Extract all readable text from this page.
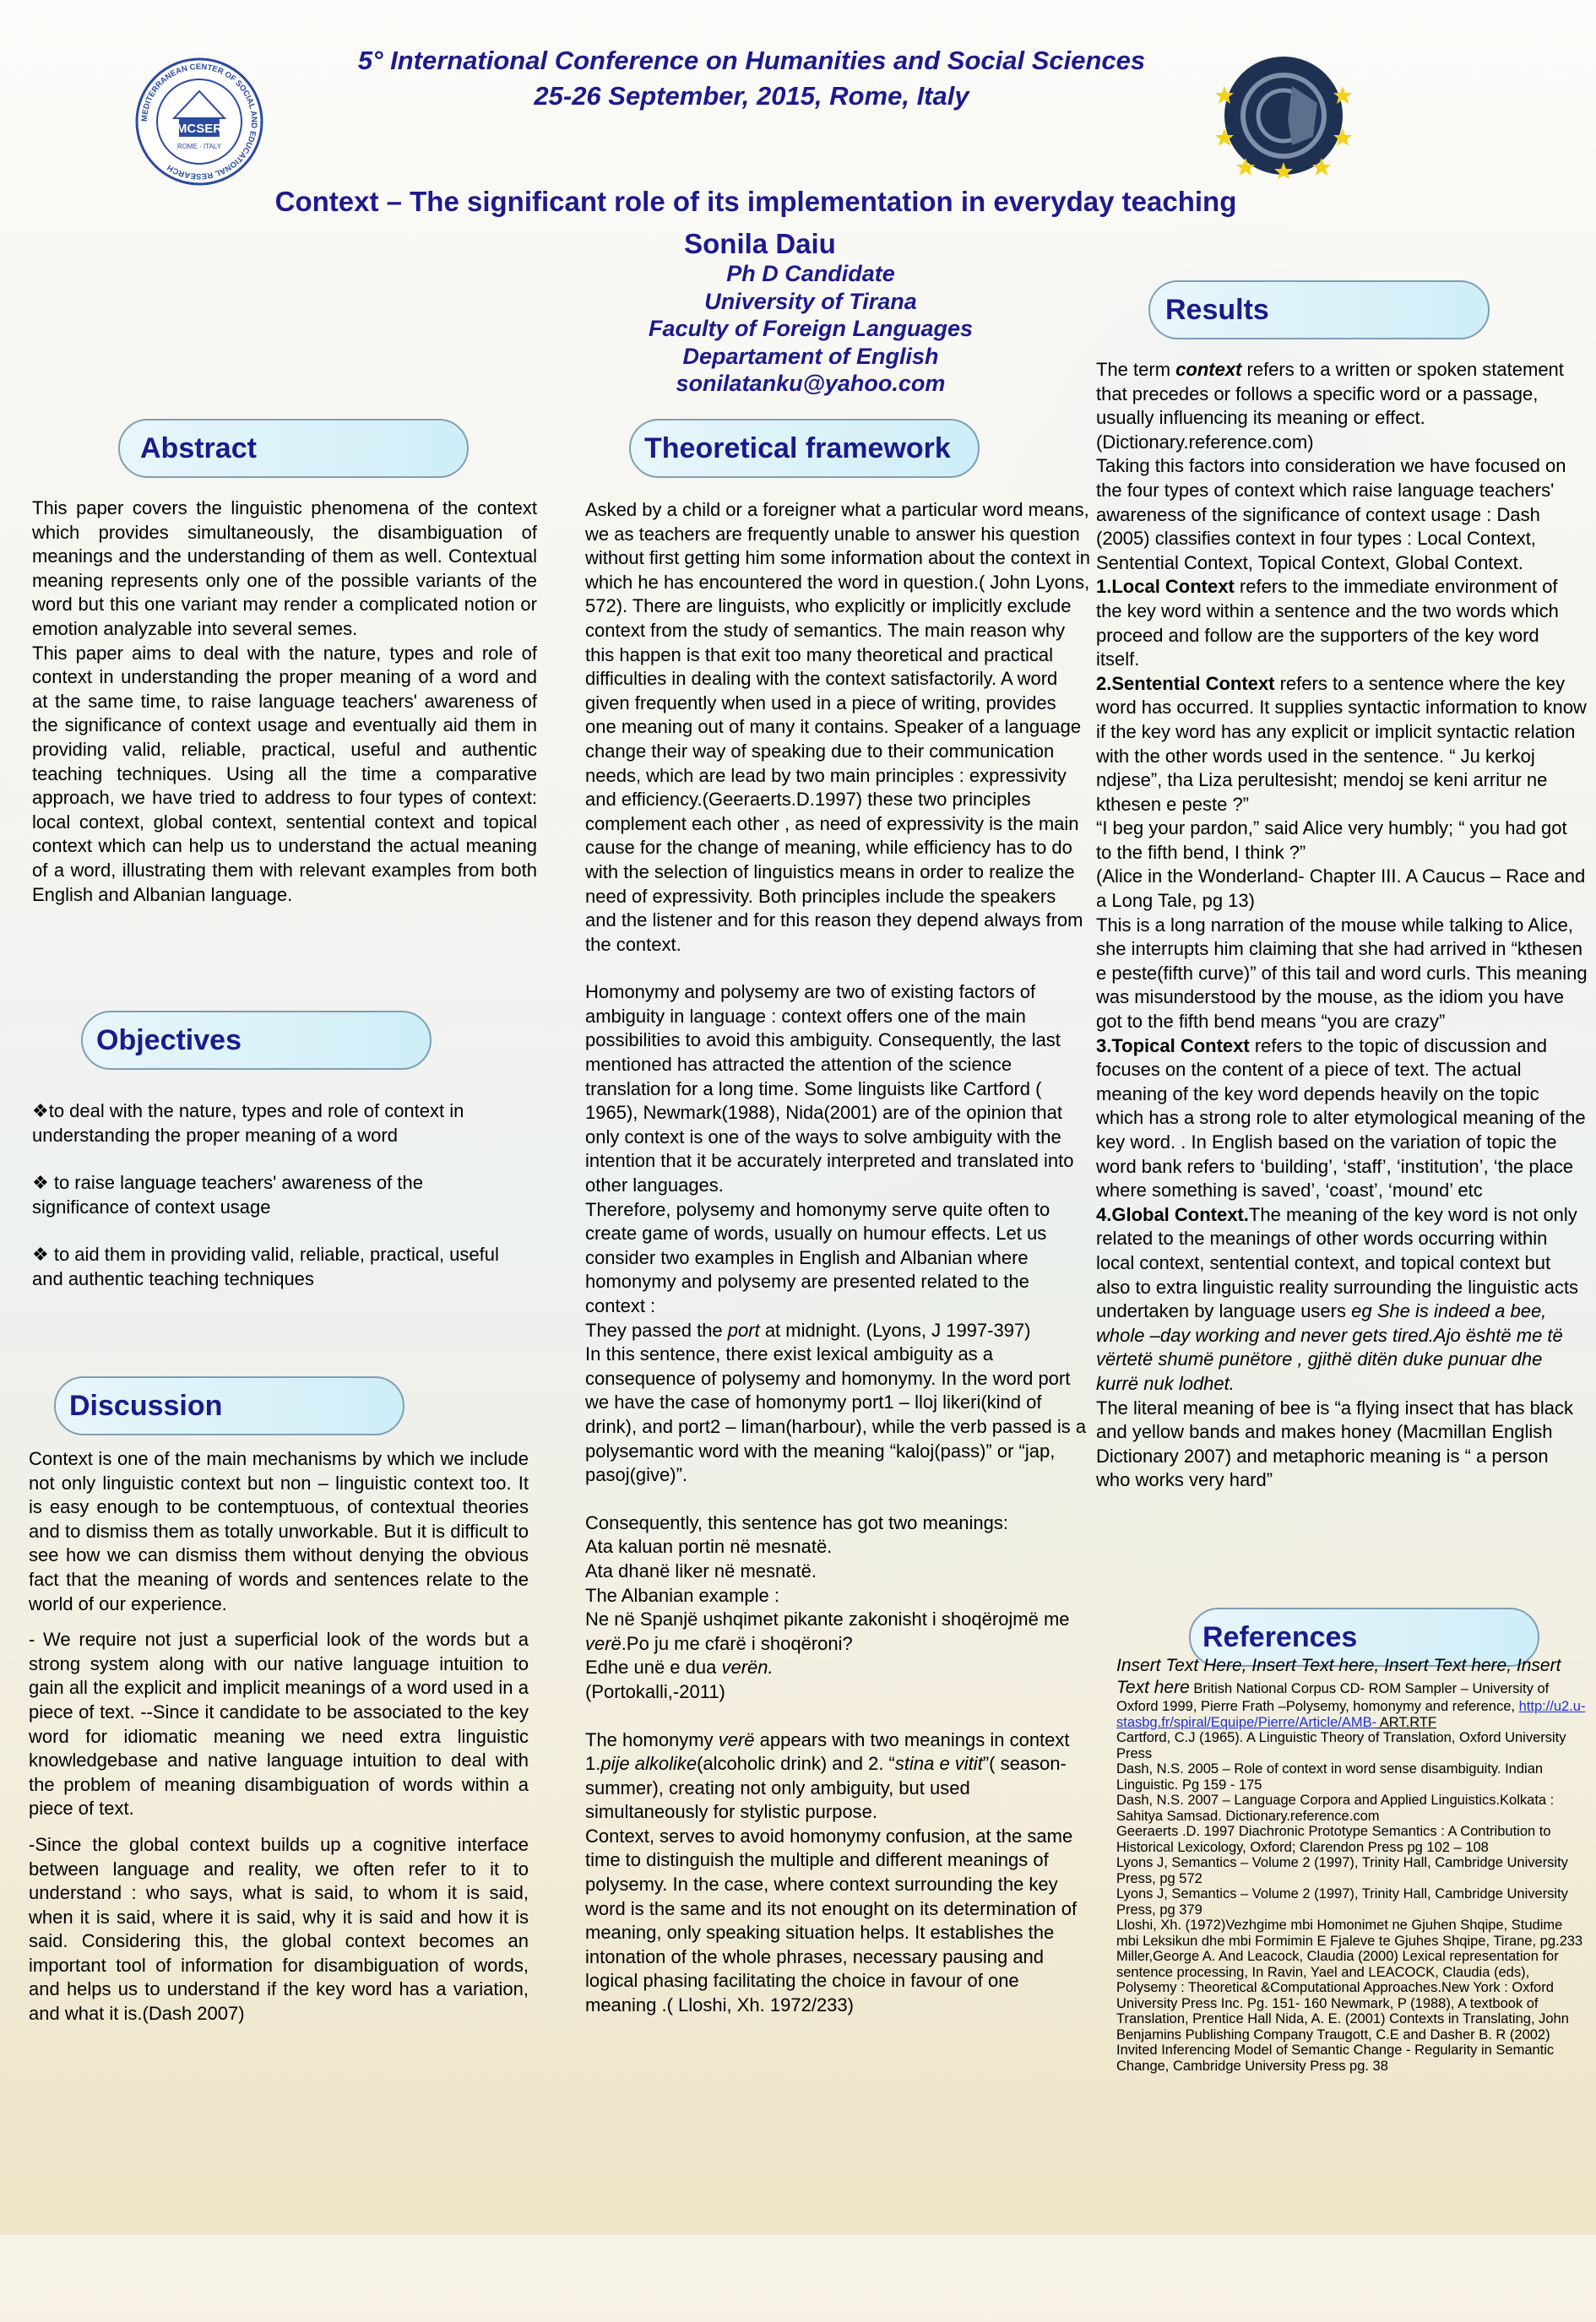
MCSER
ROME · ITALY
MEDITERRANEAN CENTER OF SOCIAL AND EDUCATIONAL RESEARCH
5° International Conference on Humanities and Social Sciences
25-26 September, 2015, Rome, Italy
Context – The significant role of its implementation in everyday teaching
Sonila Daiu
Ph D Candidate
University of Tirana
Faculty of Foreign Languages
Departament of English
sonilatanku@yahoo.com
Abstract	Theoretical framework
Results
Objectives
Discussion
References

This paper covers the linguistic phenomena of the context which provides simultaneously, the disambiguation of meanings and the understanding of them as well. Contextual meaning represents only one of the possible variants of the word but this one variant may render a complicated notion or emotion analyzable into several semes.

This paper aims to deal with the nature, types and role of context in understanding the proper meaning of a word and at the same time, to raise language teachers' awareness of the significance of context usage and eventually aid them in providing valid, reliable, practical, useful and authentic teaching techniques. Using all the time a comparative approach, we have tried to address to four types of context: local context, global context, sentential context and topical context which can help us to understand the actual meaning of a word, illustrating them with relevant examples from both English and Albanian language.

❖to deal with the nature, types and role of context in understanding the proper meaning of a word

❖ to raise language teachers' awareness of the significance of context usage

❖ to aid them in providing valid, reliable, practical, useful and authentic teaching techniques

Context is one of the main mechanisms by which we include not only linguistic context but non – linguistic context too. It is easy enough to be contemptuous, of contextual theories and to dismiss them as totally unworkable. But it is difficult to see how we can dismiss them without denying the obvious fact that the meaning of words and sentences relate to the world of our experience.

- We require not just a superficial look of the words but a strong system along with our native language intuition to gain all the explicit and implicit meanings of a word used in a piece of text. --Since it candidate to be associated to the key word for idiomatic meaning we need extra linguistic knowledgebase and native language intuition to deal with the problem of meaning disambiguation of words within a piece of text.

-Since the global context builds up a cognitive interface between language and reality, we often refer to it to understand : who says, what is said, to whom it is said, when it is said, where it is said, why it is said and how it is said. Considering this, the global context becomes an important tool of information for disambiguation of words, and helps us to understand if the key word has a variation, and what it is.(Dash 2007)

Asked by a child or a foreigner what a particular word means, we as teachers are frequently unable to answer his question without first getting him some information about the context in which he has encountered the word in question.( John Lyons, 572). There are linguists, who explicitly or implicitly exclude context from the study of semantics. The main reason why this happen is that exit too many theoretical and practical difficulties in dealing with the context satisfactorily. A word given frequently when used in a piece of writing, provides one meaning out of many it contains. Speaker of a language change their way of speaking due to their communication needs, which are lead by two main principles : expressivity and efficiency.(Geeraerts.D.1997) these two principles complement each other , as need of expressivity is the main cause for the change of meaning, while efficiency has to do with the selection of linguistics means in order to realize the need of expressivity. Both principles include the speakers and the listener and for this reason they depend always from the context.

Homonymy and polysemy are two of existing factors of ambiguity in language : context offers one of the main possibilities to avoid this ambiguity. Consequently, the last mentioned has attracted the attention of the science translation for a long time. Some linguists like Cartford ( 1965), Newmark(1988), Nida(2001) are of the opinion that only context is one of the ways to solve ambiguity with the intention that it be accurately interpreted and translated into other languages.

Therefore, polysemy and homonymy serve quite often to create game of words, usually on humour effects. Let us consider two examples in English and Albanian where homonymy and polysemy are presented related to the context :

They passed the port at midnight. (Lyons, J 1997-397)

In this sentence, there exist lexical ambiguity as a consequence of polysemy and homonymy. In the word port we have the case of homonymy port1 – lloj likeri(kind of drink), and port2 – liman(harbour), while the verb passed is a polysemantic word with the meaning “kaloj(pass)” or “jap, pasoj(give)”.

Consequently, this sentence has got two meanings:

Ata kaluan portin në mesnatë.

Ata dhanë liker në mesnatë.

The Albanian example :

Ne në Spanjë ushqimet pikante zakonisht i shoqërojmë me verë.Po ju me cfarë i shoqëroni?

Edhe unë e dua verën.

(Portokalli,-2011)

The homonymy verë appears with two meanings in context 1.pije alkolike(alcoholic drink) and 2. “stina e vitit”( season-summer), creating not only ambiguity, but used simultaneously for stylistic purpose.

Context, serves to avoid homonymy confusion, at the same time to distinguish the multiple and different meanings of polysemy. In the case, where context surrounding the key word is the same and its not enought on its determination of meaning, only speaking situation helps. It establishes the intonation of the whole phrases, necessary pausing and logical phasing facilitating the choice in favour of one meaning .( Lloshi, Xh. 1972/233)

The term context refers to a written or spoken statement that precedes or follows a specific word or a passage, usually influencing its meaning or effect. (Dictionary.reference.com)

Taking this factors into consideration we have focused on the four types of context which raise language teachers' awareness of the significance of context usage : Dash (2005) classifies context in four types : Local Context, Sentential Context, Topical Context, Global Context.

1.Local Context refers to the immediate environment of the key word within a sentence and the two words which proceed and follow are the supporters of the key word itself.

2.Sentential Context refers to a sentence where the key word has occurred. It supplies syntactic information to know if the key word has any explicit or implicit syntactic relation with the other words used in the sentence. “ Ju kerkoj ndjese”, tha Liza perultesisht; mendoj se keni arritur ne kthesen e peste ?”

“I beg your pardon,” said Alice very humbly; “ you had got to the fifth bend, I think ?”

(Alice in the Wonderland- Chapter III. A Caucus – Race and a Long Tale, pg 13)

This is a long narration of the mouse while talking to Alice, she interrupts him claiming that she had arrived in “kthesen e peste(fifth curve)” of this tail and word curls. This meaning was misunderstood by the mouse, as the idiom you have got to the fifth bend means “you are crazy”

3.Topical Context refers to the topic of discussion and focuses on the content of a piece of text. The actual meaning of the key word depends heavily on the topic which has a strong role to alter etymological meaning of the key word. . In English based on the variation of topic the word bank refers to ‘building’, ‘staff’, ‘institution’, ‘the place where something is saved’, ‘coast’, ‘mound’ etc

4.Global Context.The meaning of the key word is not only related to the meanings of other words occurring within local context, sentential context, and topical context but also to extra linguistic reality surrounding the linguistic acts undertaken by language users eg She is indeed a bee, whole –day working and never gets tired.Ajo është me të vërtetë shumë punëtore , gjithë ditën duke punuar dhe kurrë nuk lodhet.

The literal meaning of bee is “a flying insect that has black and yellow bands and makes honey (Macmillan English Dictionary 2007) and metaphoric meaning is “ a person who works very hard”

Insert Text Here, Insert Text here, Insert Text here, Insert Text here British National Corpus CD- ROM Sampler – University of Oxford 1999, Pierre Frath –Polysemy, homonymy and reference, http://u2.u-stasbg.fr/spiral/Equipe/Pierre/Article/AMB- ART.RTF

Cartford, C.J (1965). A Linguistic Theory of Translation, Oxford University Press

Dash, N.S. 2005 – Role of context in word sense disambiguity. Indian Linguistic. Pg 159 - 175

Dash, N.S. 2007 – Language Corpora and Applied Linguistics.Kolkata : Sahitya Samsad. Dictionary.reference.com

Geeraerts .D. 1997 Diachronic Prototype Semantics : A Contribution to Historical Lexicology, Oxford; Clarendon Press pg 102 – 108

Lyons J, Semantics – Volume 2 (1997), Trinity Hall, Cambridge University Press, pg 572

Lyons J, Semantics – Volume 2 (1997), Trinity Hall, Cambridge University Press, pg 379

Lloshi, Xh. (1972)Vezhgime mbi Homonimet ne Gjuhen Shqipe, Studime mbi Leksikun dhe mbi Formimin E Fjaleve te Gjuhes Shqipe, Tirane, pg.233 Miller,George A. And Leacock, Claudia (2000) Lexical representation for sentence processing, In Ravin, Yael and LEACOCK, Claudia (eds), Polysemy : Theoretical &Computational Approaches.New York : Oxford University Press Inc. Pg. 151- 160 Newmark, P (1988), A textbook of Translation, Prentice Hall Nida, A. E. (2001) Contexts in Translating, John Benjamins Publishing Company Traugott, C.E and Dasher B. R (2002) Invited Inferencing Model of Semantic Change - Regularity in Semantic Change, Cambridge University Press pg. 38
